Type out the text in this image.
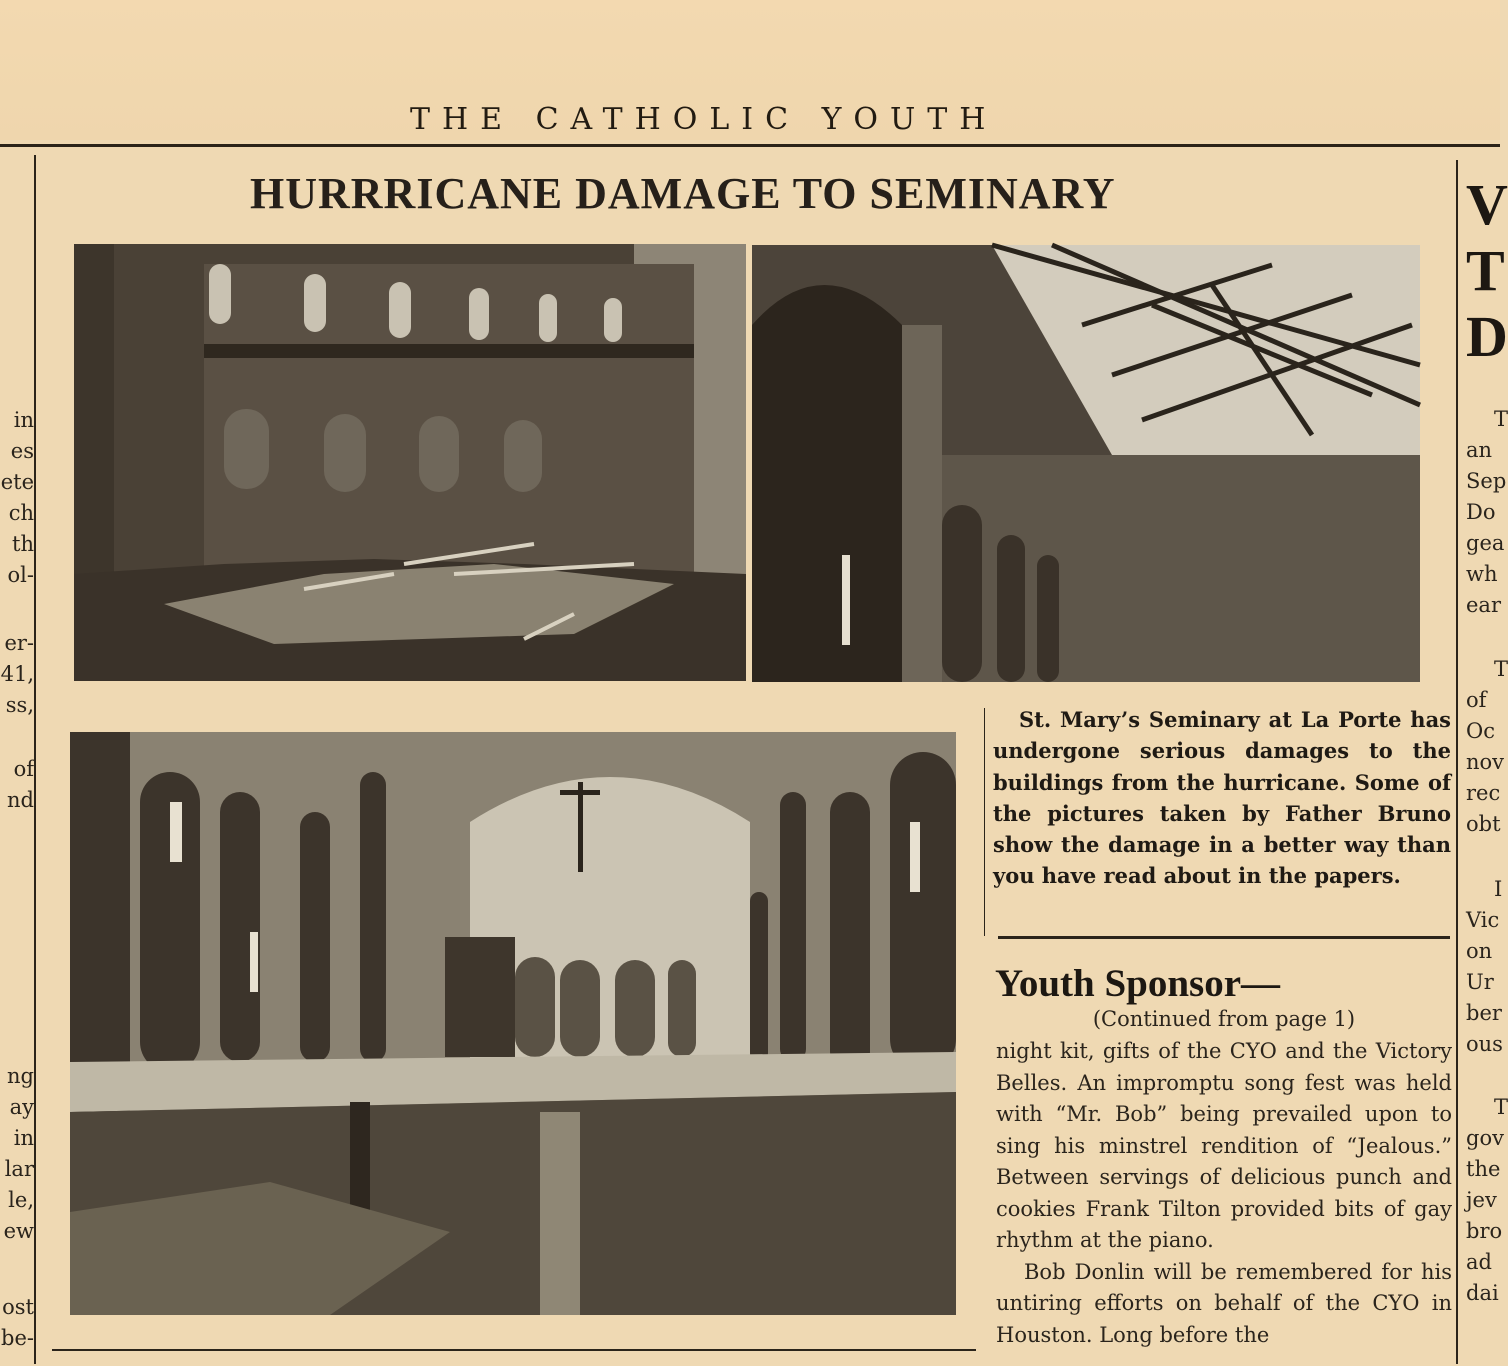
THE CATHOLIC YOUTH
HURRRICANE DAMAGE TO SEMINARY
St. Mary’s Seminary at La Porte has undergone serious damages to the buildings from the hurricane. Some of the pictures taken by Father Bruno show the damage in a better way than you have read about in the papers.
Youth Sponsor—
(Continued from page 1)

night kit, gifts of the CYO and the Victory Belles. An impromptu song fest was held with “Mr. Bob” being prevailed upon to sing his minstrel rendition of “Jealous.” Between servings of delicious punch and cookies Frank Tilton provided bits of gay rhythm at the piano.

Bob Donlin will be remembered for his untiring efforts on behalf of the CYO in Houston. Long before the

in
es
ete
ch
th
ol-
er-
41,
ss,
of
nd
ng
ay
in
lar
le,
ew
ost
be-
V
T
D
T
an
Sep
Do
gea
wh
ear
T
of
Oc
nov
rec
obt
I
Vic
on
Ur
ber
ous
T
gov
the
jev
bro
ad
dai
